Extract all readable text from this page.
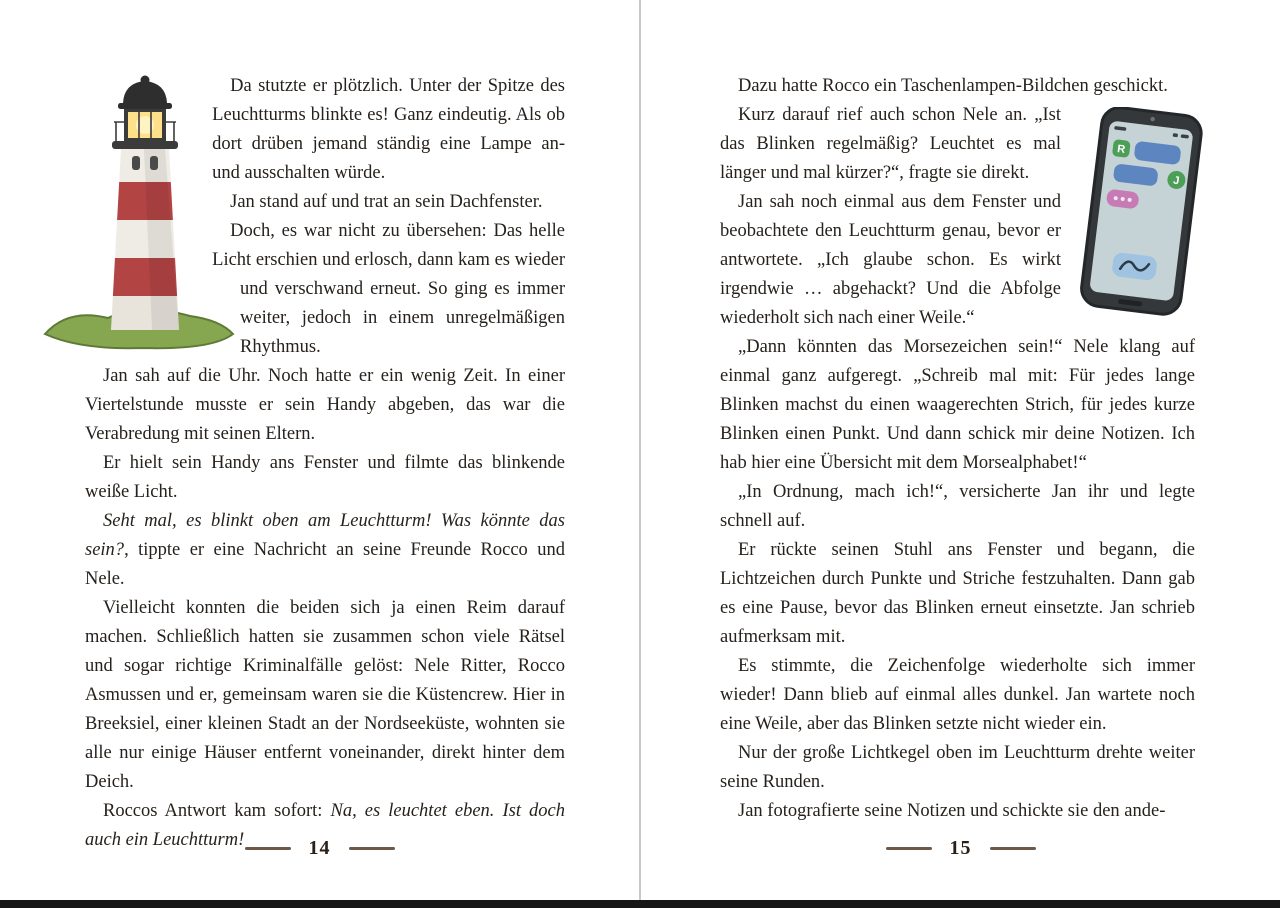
Da stutzte er plötzlich. Unter der Spitze des Leuchtturms blinkte es! Ganz eindeutig. Als ob dort drüben jemand ständig eine Lampe an- und ausschalten würde.

Jan stand auf und trat an sein Dachfenster.

Doch, es war nicht zu übersehen: Das helle Licht erschien und erlosch, dann kam es wieder und verschwand erneut. So ging es immer weiter, jedoch in einem unregelmäßigen Rhythmus.

Jan sah auf die Uhr. Noch hatte er ein wenig Zeit. In einer Viertelstunde musste er sein Handy abgeben, das war die Verabredung mit seinen Eltern.

Er hielt sein Handy ans Fenster und filmte das blinkende weiße Licht.

Seht mal, es blinkt oben am Leuchtturm! Was könnte das sein?, tippte er eine Nachricht an seine Freunde Rocco und Nele.

Vielleicht konnten die beiden sich ja einen Reim darauf machen. Schließlich hatten sie zusammen schon viele Rätsel und sogar richtige Kriminalfälle gelöst: Nele Ritter, Rocco Asmussen und er, gemeinsam waren sie die Küstencrew. Hier in Breeksiel, einer kleinen Stadt an der Nordseeküste, wohnten sie alle nur einige Häuser entfernt voneinander, direkt hinter dem Deich.

Roccos Antwort kam sofort: Na, es leuchtet eben. Ist doch auch ein Leuchtturm!	14

Dazu hatte Rocco ein Taschenlampen-Bildchen geschickt.

R
J

Kurz darauf rief auch schon Nele an. „Ist das Blinken regelmäßig? Leuchtet es mal länger und mal kürzer?“, fragte sie direkt.

Jan sah noch einmal aus dem Fenster und beobachtete den Leuchtturm genau, bevor er antwortete. „Ich glaube schon. Es wirkt irgendwie … abgehackt? Und die Abfolge wiederholt sich nach einer Weile.“

„Dann könnten das Morsezeichen sein!“ Nele klang auf einmal ganz aufgeregt. „Schreib mal mit: Für jedes lange Blinken machst du einen waagerechten Strich, für jedes kurze Blinken einen Punkt. Und dann schick mir deine Notizen. Ich hab hier eine Übersicht mit dem Morsealphabet!“

„In Ordnung, mach ich!“, versicherte Jan ihr und legte schnell auf.

Er rückte seinen Stuhl ans Fenster und begann, die Lichtzeichen durch Punkte und Striche festzuhalten. Dann gab es eine Pause, bevor das Blinken erneut einsetzte. Jan schrieb aufmerksam mit.

Es stimmte, die Zeichenfolge wiederholte sich immer wieder! Dann blieb auf einmal alles dunkel. Jan wartete noch eine Weile, aber das Blinken setzte nicht wieder ein.

Nur der große Lichtkegel oben im Leuchtturm drehte weiter seine Runden.

Jan fotografierte seine Notizen und schickte sie den ande-

15
